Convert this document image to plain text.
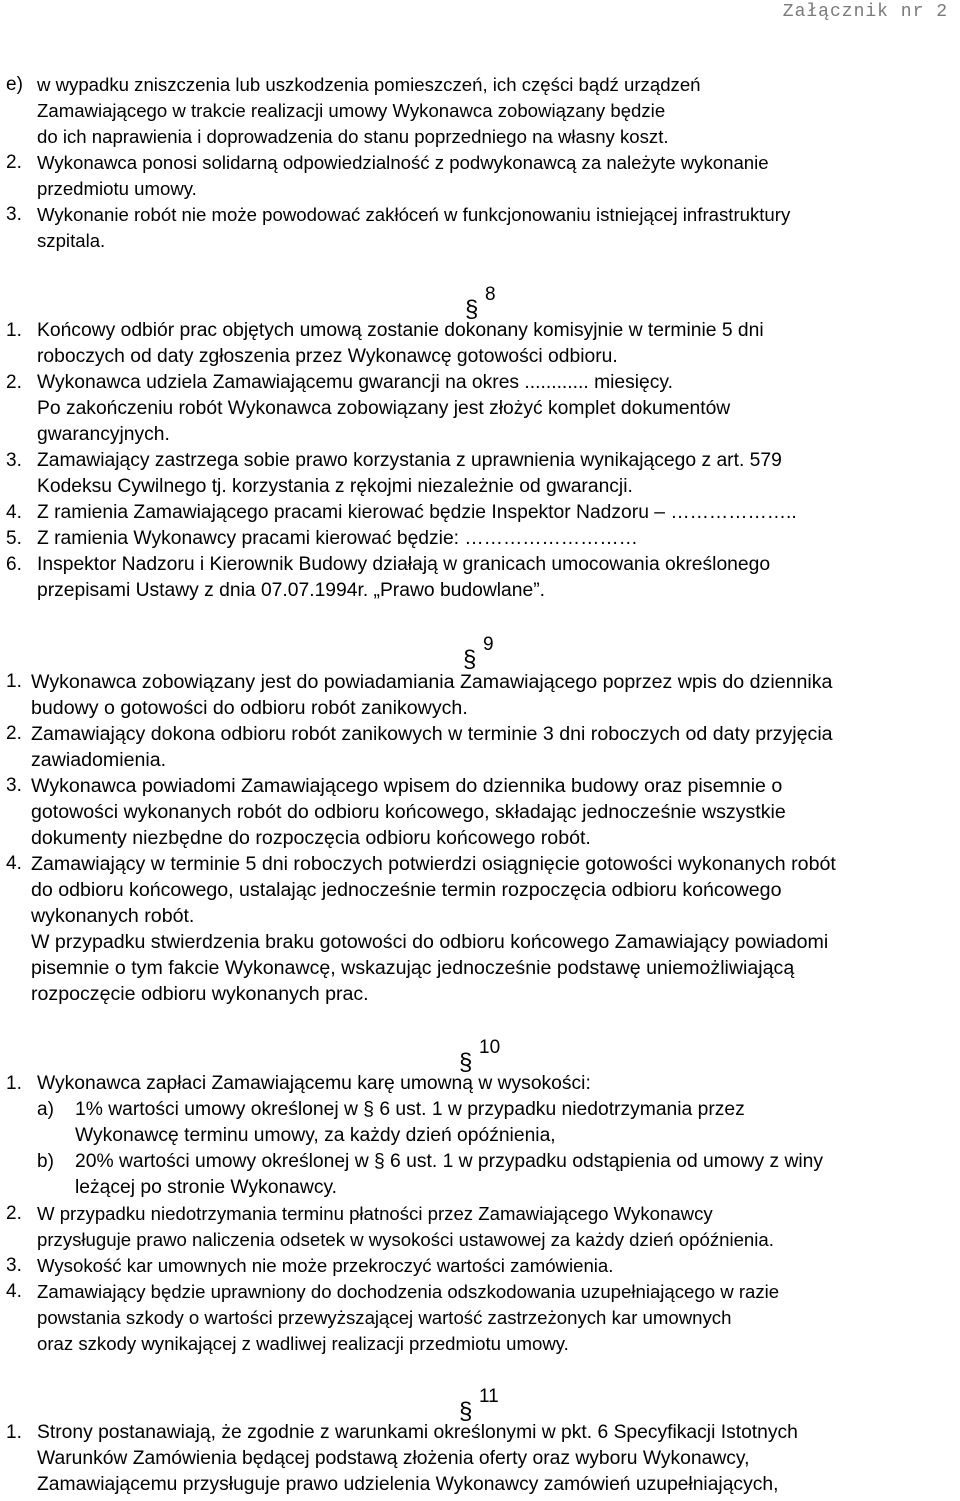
Załącznik nr 2
e) w wypadku zniszczenia lub uszkodzenia pomieszczeń, ich części bądź urządzeń
Zamawiającego w trakcie realizacji umowy Wykonawca zobowiązany będzie
do ich naprawienia i doprowadzenia do stanu poprzedniego na własny koszt.
2. Wykonawca ponosi solidarną odpowiedzialność z podwykonawcą za należyte wykonanie
przedmiotu umowy.
3. Wykonanie robót nie może powodować zakłóceń w funkcjonowaniu istniejącej infrastruktury
szpitala.
8
§
1. Końcowy odbiór prac objętych umową zostanie dokonany komisyjnie w terminie 5 dni
roboczych od daty zgłoszenia przez Wykonawcę gotowości odbioru.
2. Wykonawca udziela Zamawiającemu gwarancji na okres ............ miesięcy.
Po zakończeniu robót Wykonawca zobowiązany jest złożyć komplet dokumentów
gwarancyjnych.
3. Zamawiający zastrzega sobie prawo korzystania z uprawnienia wynikającego z art. 579
Kodeksu Cywilnego tj. korzystania z rękojmi niezależnie od gwarancji.
4. Z ramienia Zamawiającego pracami kierować będzie Inspektor Nadzoru – ………………..
5. Z ramienia Wykonawcy pracami kierować będzie: ………………………
6. Inspektor Nadzoru i Kierownik Budowy działają w granicach umocowania określonego
przepisami Ustawy z dnia 07.07.1994r. „Prawo budowlane”.
9
§
1. Wykonawca zobowiązany jest do powiadamiania Zamawiającego poprzez wpis do dziennika
budowy o gotowości do odbioru robót zanikowych.
2. Zamawiający dokona odbioru robót zanikowych w terminie 3 dni roboczych od daty przyjęcia
zawiadomienia.
3. Wykonawca powiadomi Zamawiającego wpisem do dziennika budowy oraz pisemnie o
gotowości wykonanych robót do odbioru końcowego, składając jednocześnie wszystkie
dokumenty niezbędne do rozpoczęcia odbioru końcowego robót.
4. Zamawiający w terminie 5 dni roboczych potwierdzi osiągnięcie gotowości wykonanych robót
do odbioru końcowego, ustalając jednocześnie termin rozpoczęcia odbioru końcowego
wykonanych robót.
W przypadku stwierdzenia braku gotowości do odbioru końcowego Zamawiający powiadomi
pisemnie o tym fakcie Wykonawcę, wskazując jednocześnie podstawę uniemożliwiającą
rozpoczęcie odbioru wykonanych prac.
10
§
1. Wykonawca zapłaci Zamawiającemu karę umowną w wysokości:
a) 1% wartości umowy określonej w § 6 ust. 1 w przypadku niedotrzymania przez
Wykonawcę terminu umowy, za każdy dzień opóźnienia,
b) 20% wartości umowy określonej w § 6 ust. 1 w przypadku odstąpienia od umowy z winy
leżącej po stronie Wykonawcy.
2. W przypadku niedotrzymania terminu płatności przez Zamawiającego Wykonawcy
przysługuje prawo naliczenia odsetek w wysokości ustawowej za każdy dzień opóźnienia.
3. Wysokość kar umownych nie może przekroczyć wartości zamówienia.
4. Zamawiający będzie uprawniony do dochodzenia odszkodowania uzupełniającego w razie
powstania szkody o wartości przewyższającej wartość zastrzeżonych kar umownych
oraz szkody wynikającej z wadliwej realizacji przedmiotu umowy.
11
§
1. Strony postanawiają, że zgodnie z warunkami określonymi w pkt. 6 Specyfikacji Istotnych
Warunków Zamówienia będącej podstawą złożenia oferty oraz wyboru Wykonawcy,
Zamawiającemu przysługuje prawo udzielenia Wykonawcy zamówień uzupełniających,
